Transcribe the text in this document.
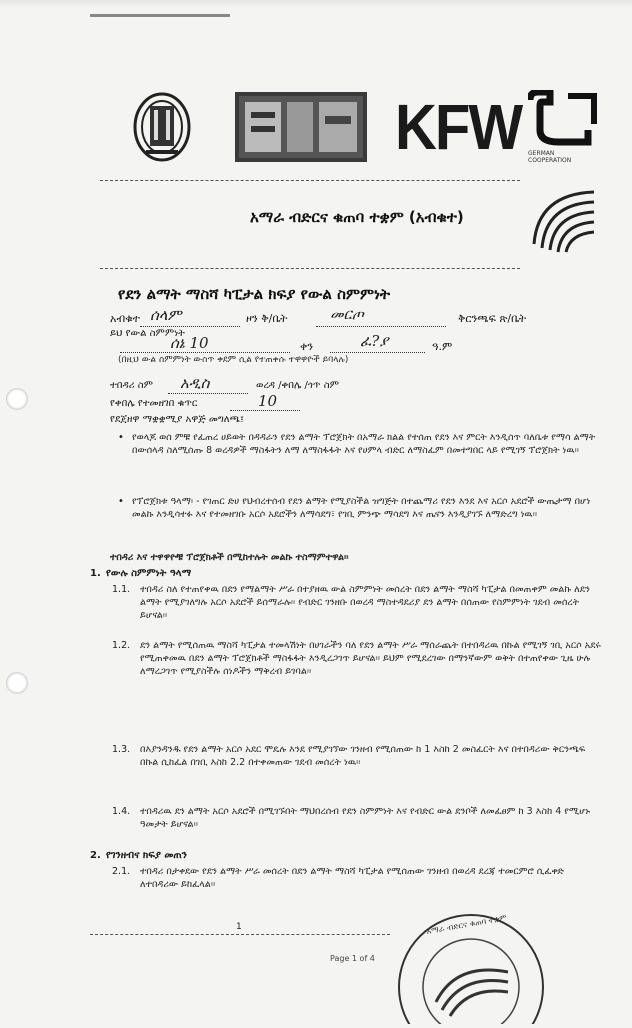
KFW GERMAN COOPERATION
አማራ ብድርና ቁጠባ ተቋም (አብቁተ)
የደን ልማት ማስሻ ካፒታል ክፍያ የውል ስምምነት
አብቁተ ሰላም	ዞን ቅ/ቤት	መርጦ	ቅርንጫፍ ጽ/ቤት
ይህ የውል ስምምነት
ሰኔ 10	ቀን	ፈ?ያ	ዓ.ም
(በዚህ ውል ስምምነት ውስጥ ቀደም ሲል የተጠቀሱ ተዋዋዮች ይባላሉ)
ተበዳሪ ስም አዲስ	ወረዳ /ቀበሌ /ጎጥ ስም
የቀበሌ የተመዘገበ ቁጥር	10
የደጀዘዋ ማቋቋሚያ አዋጅ መግለጫ፤
• የወላጆ ወሰ ምቹ የፈጠረ ሀይወት በዳዳራን የደን ልማት ፕሮጀክት በአማራ ክልል የተሰጠ የደን እና ምርት እንዲሰጥ ባለቤቱ የማሳ ልማት በውሰላዳ ስለሚሰጡ 8 ወረዳዎች ማስፋትን ለማ ለማስፋፋት እና የሀምላ ብድር ለማስፈም በመተግበር ላይ የሚገኝ ፕሮጀክት ነዉ፡፡

• የፕሮጀክቱ ዓላማ፡ - የገጠር ድሀ የህብረተሰብ የደን ልማት የሚያስችል ዝግጅት በተጨማሪ የደን እንደ እና አርሶ አደሮች ውጤታማ በሆነ መልኩ እንዲሳተፉ እና የተመዘገቡ አርሶ አደሮችን ለማሳደግ፣ የገቢ ምንጭ ማሳደግ እና ጤናን እንዲያገኙ ለማድረግ ነዉ፡፡

ተበዳሪ እና ተዋዋዮቹ ፕሮጀክቶች በሚከተሉት መልኩ ተስማምተዋል፡፡

1. የውሉ ስምምነት ዓላማ
1.1. ተበዳሪ ስለ የተጠየቀዉ በደን የማልማት ሥራ በተያዘዉ ውል ስምምነት መሰረት በደን ልማት ማስሻ ካፒታል በመጠቀም መልኩ ለደን ልማት የሚያገለግሉ አርሶ አደሮች ይሰማራሉ፡፡ የብድር ገንዘቡ በወረዳ ማስተዳደሪያ ደን ልማት በሰጠው የስምምነት ገደብ መሰረት ይሆናል፡፡

1.2. ደን ልማት የሚሰጠዉ ማስሻ ካፒታል ተመላሽነት በሀገራችን ባለ የደን ልማት ሥራ ማሰራጨት በተበዳሪዉ በኩል የሚገኝ ገቢ አርሶ አደሩ የሚጠቀመዉ በደን ልማት ፕሮጀክቶች ማስፋፋት እንዲረጋገጥ ይሆናል፡፡ ይህም የሚደረገው በማንኛውም ወቅት በተጠየቀው ጊዜ ሁሉ ለማረጋገጥ የሚያስችሉ ሰነዶችን ማቅረብ ይገባል፡፡

1.3. በእያንዳንዱ የደን ልማት አርሶ አደር ሞዴሉ እንደ የሚያገኘው ገንዘብ የሚሰጠው ከ 1 እስከ 2 መስፈርት እና በተበዳሪው ቅርንጫፍ በኩል ሲከፈል በገቢ እስከ 2.2 በተቀመጠው ገደብ መሰረት ነዉ፡፡

1.4. ተበዳሪዉ ደን ልማት አርሶ አደሮች በሚገኙበት ማህበረሰብ የደን ስምምነት እና የብድር ውል ደንቦች ለመፈፀም ከ 3 እስከ 4 የሚሆኑ ዓመታት ይሆናል፡፡

2. የገንዘብና ክፍያ መጠን
2.1. ተበዳሪ በታቀደው የደን ልማት ሥራ መሰረት በደን ልማት ማስሻ ካፒታል የሚሰጠው ገንዘብ በወረዳ ደረጃ ተመርምሮ ሲፈቀድ ለተበዳሪው ይከፈላል፡፡

1
Page 1 of 4
አማራ ብድርና ቁጠባ ተቋም
